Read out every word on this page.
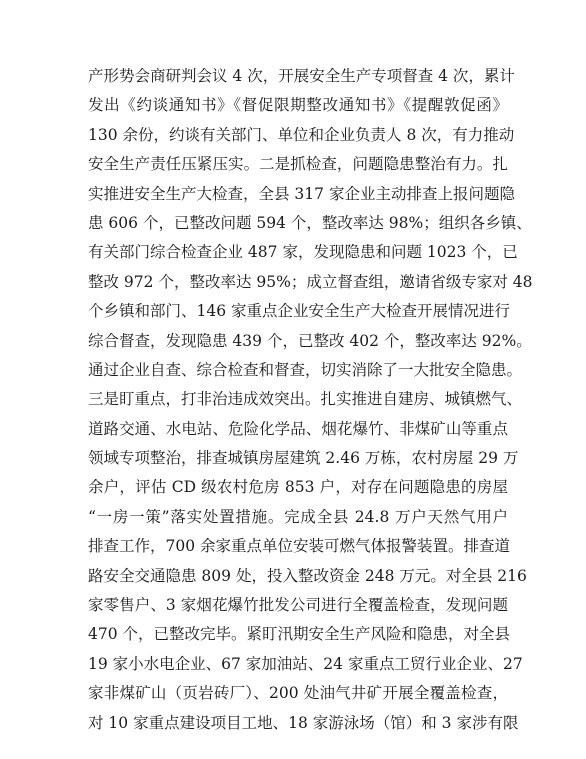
产形势会商研判会议 4 次，开展安全生产专项督查 4 次，累计
发出《约谈通知书》《督促限期整改通知书》《提醒敦促函》
130 余份，约谈有关部门、单位和企业负责人 8 次，有力推动
安全生产责任压紧压实。二是抓检查，问题隐患整治有力。扎
实推进安全生产大检查，全县 317 家企业主动排查上报问题隐
患 606 个，已整改问题 594 个，整改率达 98%；组织各乡镇、
有关部门综合检查企业 487 家，发现隐患和问题 1023 个，已
整改 972 个，整改率达 95%；成立督查组，邀请省级专家对 48
个乡镇和部门、146 家重点企业安全生产大检查开展情况进行
综合督查，发现隐患 439 个，已整改 402 个，整改率达 92%。
通过企业自查、综合检查和督查，切实消除了一大批安全隐患。
三是盯重点，打非治违成效突出。扎实推进自建房、城镇燃气、
道路交通、水电站、危险化学品、烟花爆竹、非煤矿山等重点
领域专项整治，排查城镇房屋建筑 2.46 万栋，农村房屋 29 万
余户，评估 CD 级农村危房 853 户，对存在问题隐患的房屋
“一房一策”落实处置措施。完成全县 24.8 万户天然气用户
排查工作，700 余家重点单位安装可燃气体报警装置。排查道
路安全交通隐患 809 处，投入整改资金 248 万元。对全县 216
家零售户、3 家烟花爆竹批发公司进行全覆盖检查，发现问题
470 个，已整改完毕。紧盯汛期安全生产风险和隐患，对全县
19 家小水电企业、67 家加油站、24 家重点工贸行业企业、27
家非煤矿山（页岩砖厂）、200 处油气井矿开展全覆盖检查，
对 10 家重点建设项目工地、18 家游泳场（馆）和 3 家涉有限
